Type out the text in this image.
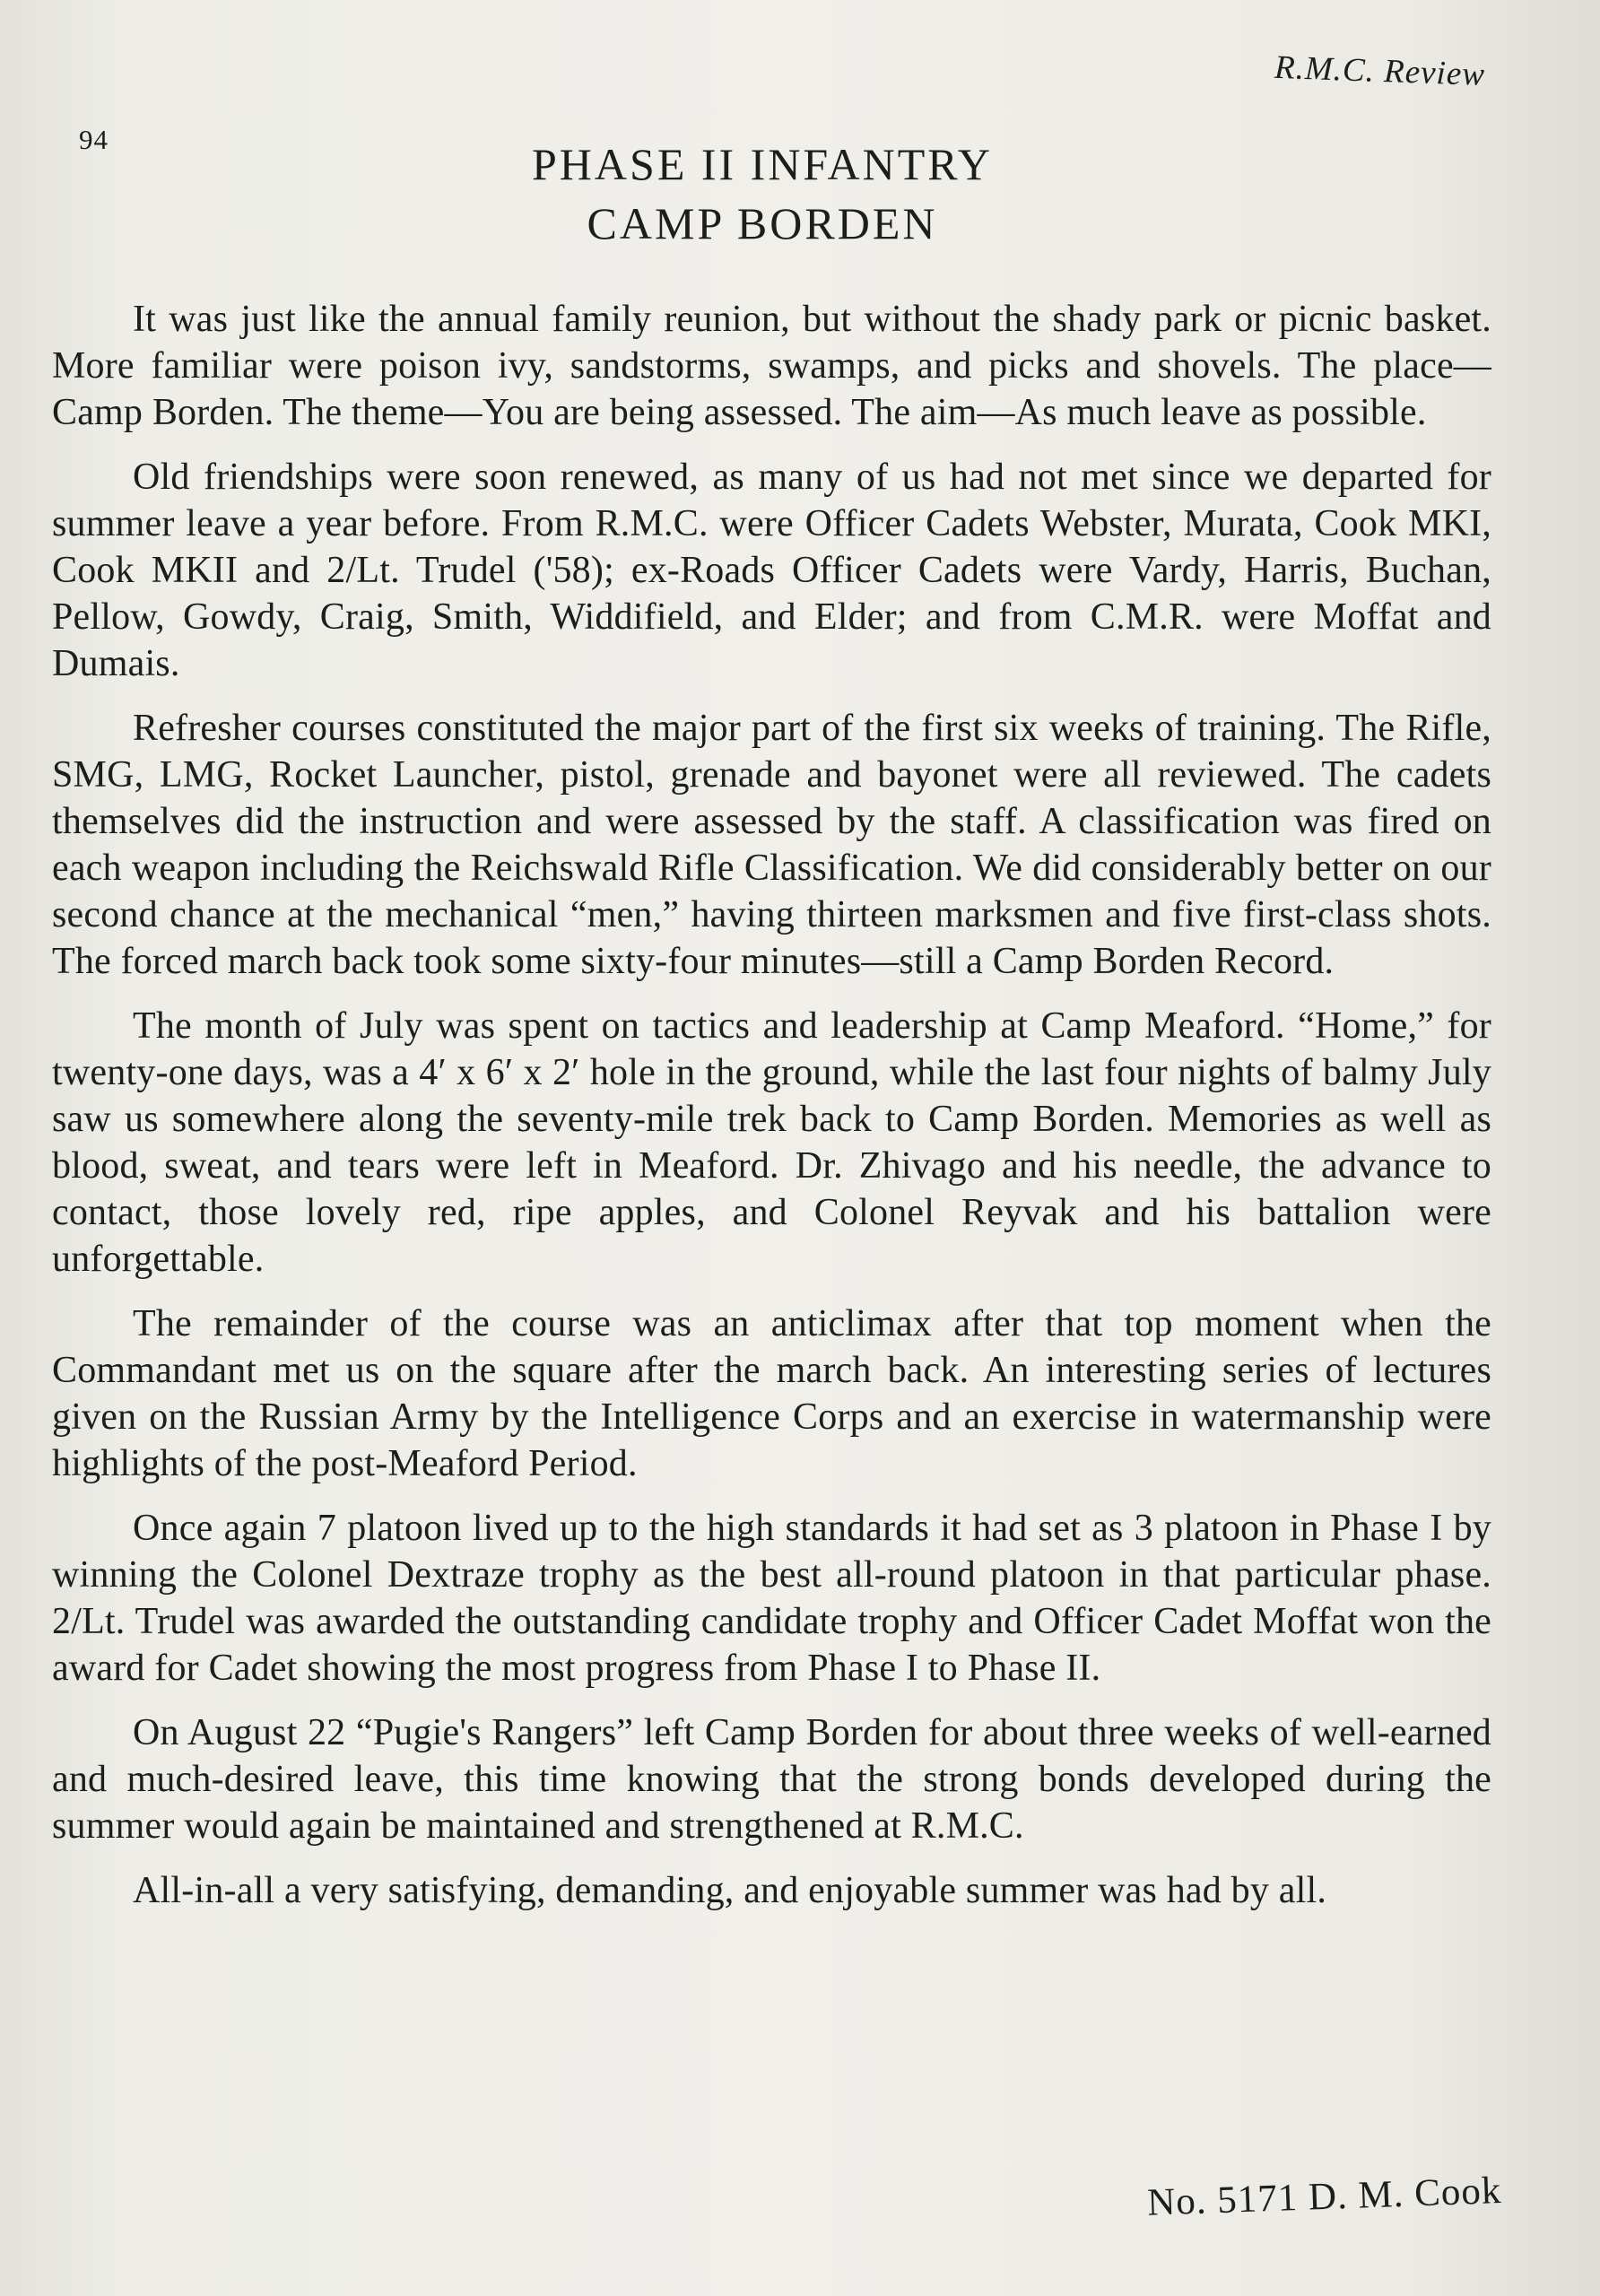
94
R.M.C. Review
PHASE II INFANTRY
CAMP BORDEN

It was just like the annual family reunion, but without the shady park or picnic basket. More familiar were poison ivy, sandstorms, swamps, and picks and shovels. The place—Camp Borden. The theme—You are being assessed. The aim—As much leave as possible.

Old friendships were soon renewed, as many of us had not met since we departed for summer leave a year before. From R.M.C. were Officer Cadets Webster, Murata, Cook MKI, Cook MKII and 2/Lt. Trudel ('58); ex-Roads Officer Cadets were Vardy, Harris, Buchan, Pellow, Gowdy, Craig, Smith, Widdifield, and Elder; and from C.M.R. were Moffat and Dumais.

Refresher courses constituted the major part of the first six weeks of training. The Rifle, SMG, LMG, Rocket Launcher, pistol, grenade and bayonet were all reviewed. The cadets themselves did the instruction and were assessed by the staff. A classification was fired on each weapon including the Reichswald Rifle Classification. We did considerably better on our second chance at the mechanical “men,” having thirteen marksmen and five first-class shots. The forced march back took some sixty-four minutes—still a Camp Borden Record.

The month of July was spent on tactics and leadership at Camp Meaford. “Home,” for twenty-one days, was a 4′ x 6′ x 2′ hole in the ground, while the last four nights of balmy July saw us somewhere along the seventy-mile trek back to Camp Borden. Memories as well as blood, sweat, and tears were left in Meaford. Dr. Zhivago and his needle, the advance to contact, those lovely red, ripe apples, and Colonel Reyvak and his battalion were unforgettable.

The remainder of the course was an anticlimax after that top moment when the Commandant met us on the square after the march back. An interesting series of lectures given on the Russian Army by the Intelligence Corps and an exercise in watermanship were highlights of the post-Meaford Period.

Once again 7 platoon lived up to the high standards it had set as 3 platoon in Phase I by winning the Colonel Dextraze trophy as the best all-round platoon in that particular phase. 2/Lt. Trudel was awarded the outstanding candidate trophy and Officer Cadet Moffat won the award for Cadet showing the most progress from Phase I to Phase II.

On August 22 “Pugie's Rangers” left Camp Borden for about three weeks of well-earned and much-desired leave, this time knowing that the strong bonds developed during the summer would again be maintained and strengthened at R.M.C.

All-in-all a very satisfying, demanding, and enjoyable summer was had by all.

No. 5171 D. M. Cook
